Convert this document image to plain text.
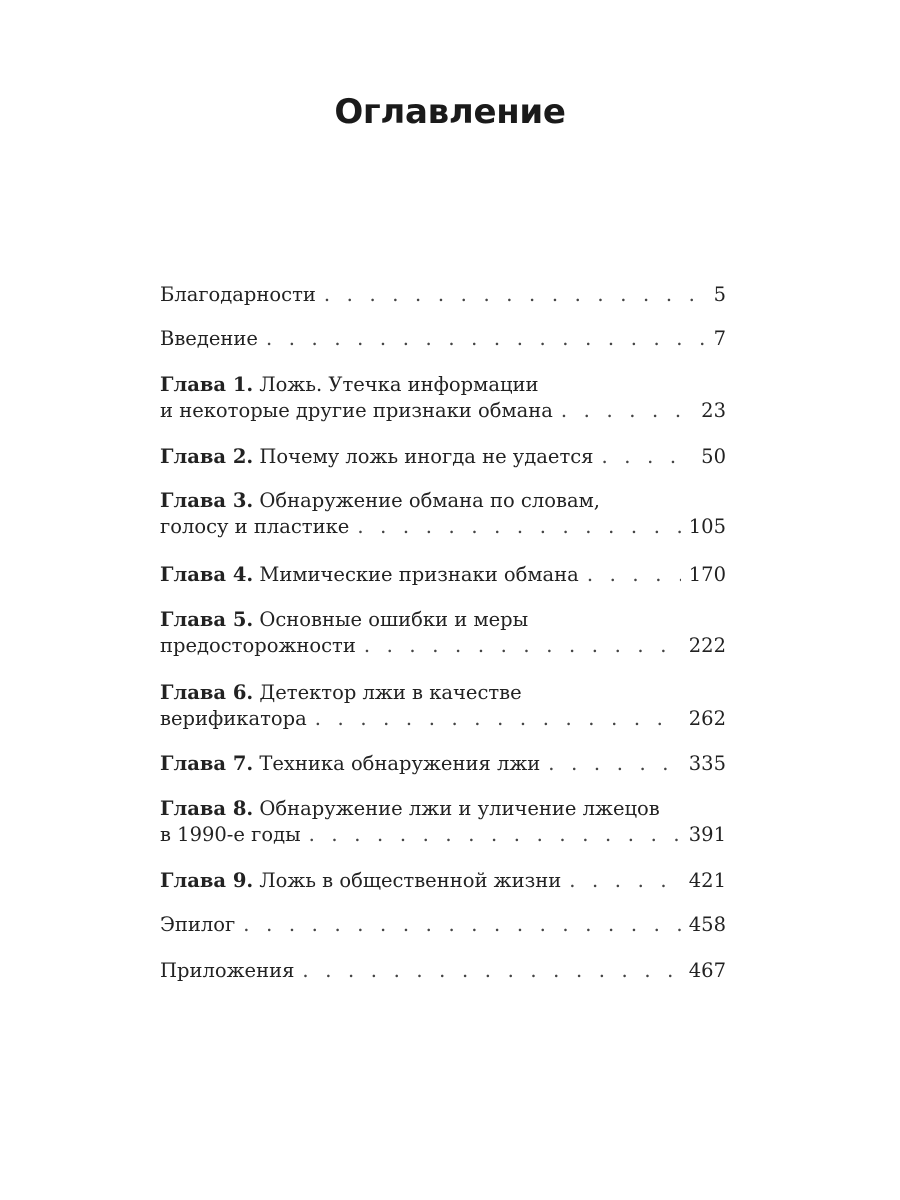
Оглавление
Благодарности . . .	5
Введение . . .	7
Глава 1. Ложь. Утечка информации
и некоторые другие признаки обмана . . .	23
Глава 2. Почему ложь иногда не удается . . .	50
Глава 3. Обнаружение обмана по словам,
голосу и пластике . . .	105
Глава 4. Мимические признаки обмана . . .	170
Глава 5. Основные ошибки и меры
предосторожности . . .	222
Глава 6. Детектор лжи в качестве
верификатора . . .	262
Глава 7. Техника обнаружения лжи . . .	335
Глава 8. Обнаружение лжи и уличение лжецов
в 1990-е годы . . .	391
Глава 9. Ложь в общественной жизни . . .	421
Эпилог . . .	458
Приложения . . .	467
